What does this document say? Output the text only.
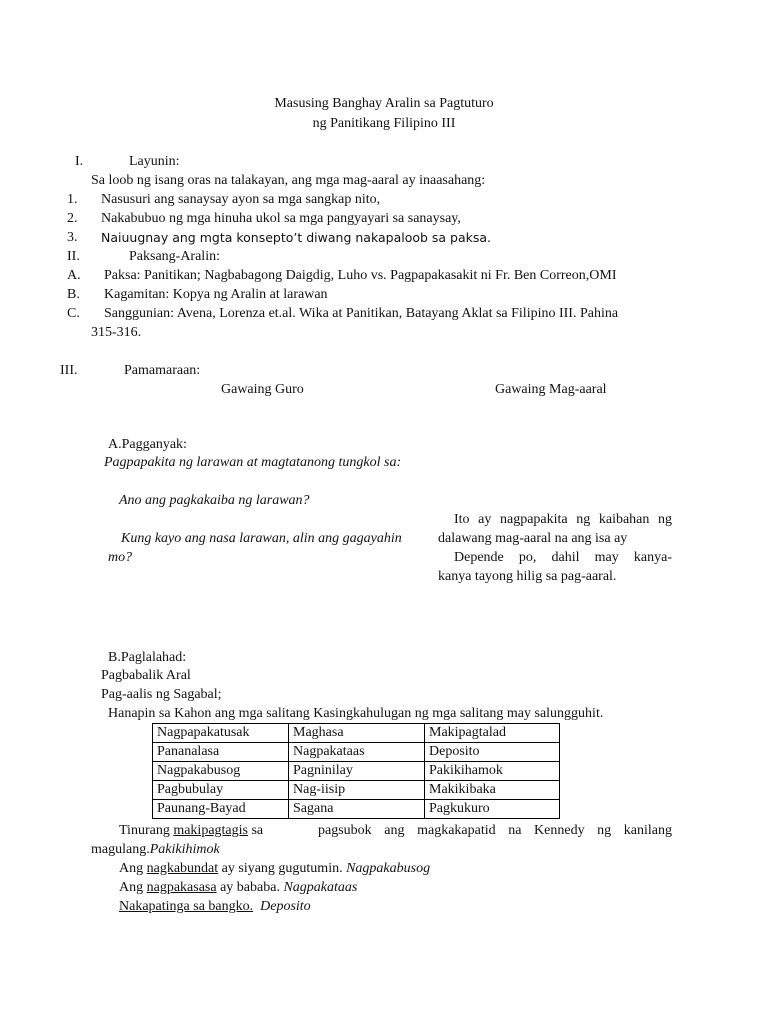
Masusing Banghay Aralin sa Pagtuturo
ng Panitikang Filipino III
I.	Layunin:
Sa loob ng isang oras na talakayan, ang mga mag-aaral ay inaasahang:
1. Nasusuri ang sanaysay ayon sa mga sangkap nito,
2. Nakabubuo ng mga hinuha ukol sa mga pangyayari sa sanaysay,
3. Naiuugnay ang mgta konsepto’t diwang nakapaloob sa paksa.
II.	Paksang-Aralin:
A. Paksa: Panitikan; Nagbabagong Daigdig, Luho vs. Pagpapakasakit ni Fr. Ben Correon,OMI
B. Kagamitan: Kopya ng Aralin at larawan
C. Sanggunian: Avena, Lorenza et.al. Wika at Panitikan, Batayang Aklat sa Filipino III. Pahina
315-316.
III.	Pamamaraan:
Gawaing Guro	Gawaing Mag-aaral
A.Pagganyak:
Pagpapakita ng larawan at magtatanong tungkol sa:
Ano ang pagkakaiba ng larawan?
Kung kayo ang nasa larawan, alin ang gagayahin
mo?
Ito ay nagpapakita ng kaibahan ng
dalawang mag-aaral na ang isa ay
Depende po, dahil may kanya-
kanya tayong hilig sa pag-aaral.
B.Paglalahad:
Pagbabalik Aral
Pag-aalis ng Sagabal;
Hanapin sa Kahon ang mga salitang Kasingkahulugan ng mga salitang may salungguhit.
Nagpapakatusak	Maghasa	Makipagtalad
Pananalasa	Nagpakataas	Deposito
Nagpakabusog	Pagninilay	Pakikihamok
Pagbubulay	Nag-iisip	Makikibaka
Paunang-Bayad	Sagana	Pagkukuro
Tinurang makipagtagis sa	pagsubok ang magkakapatid na Kennedy ng kanilang
magulang.Pakikihimok
Ang nagkabundat ay siyang gugutumin. Nagpakabusog
Ang nagpakasasa ay bababa. Nagpakataas
Nakapatinga sa bangko. Deposito
